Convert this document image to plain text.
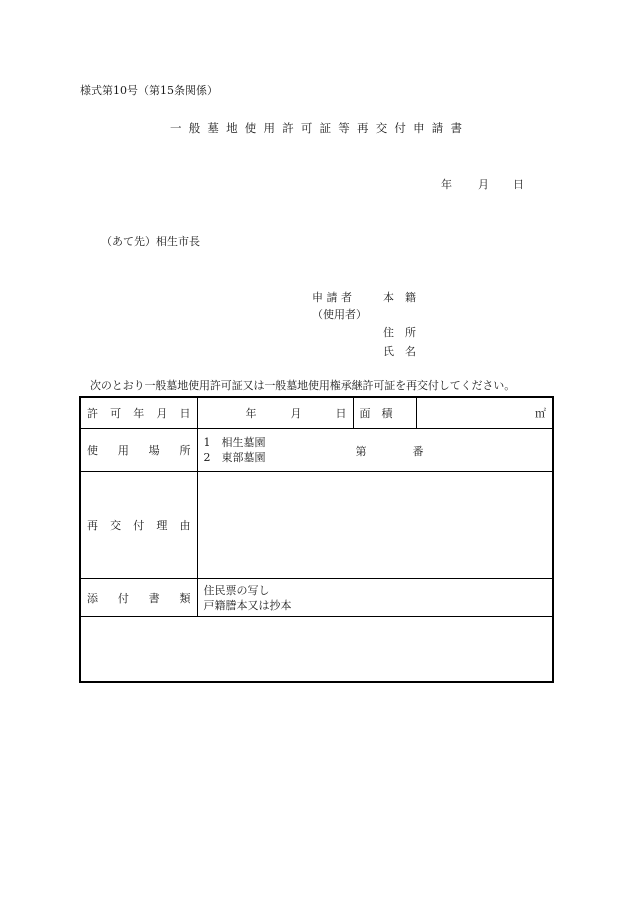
様式第10号（第15条関係）
一般墓地使用許可証等再交付申請書
年 月 日
（あて先）相生市長
申 請 者
（使用者）
本　籍
住　所
氏　名
次のとおり一般墓地使用許可証又は一般墓地使用権承継許可証を再交付してください。
許 可 年 月 日	年 月 日	面　積	㎡

使 用 場 所	1　相生墓園
2　東部墓園 第 番		

再 交 付 理 由			

添 付 書 類	住民票の写し
戸籍謄本又は抄本		
